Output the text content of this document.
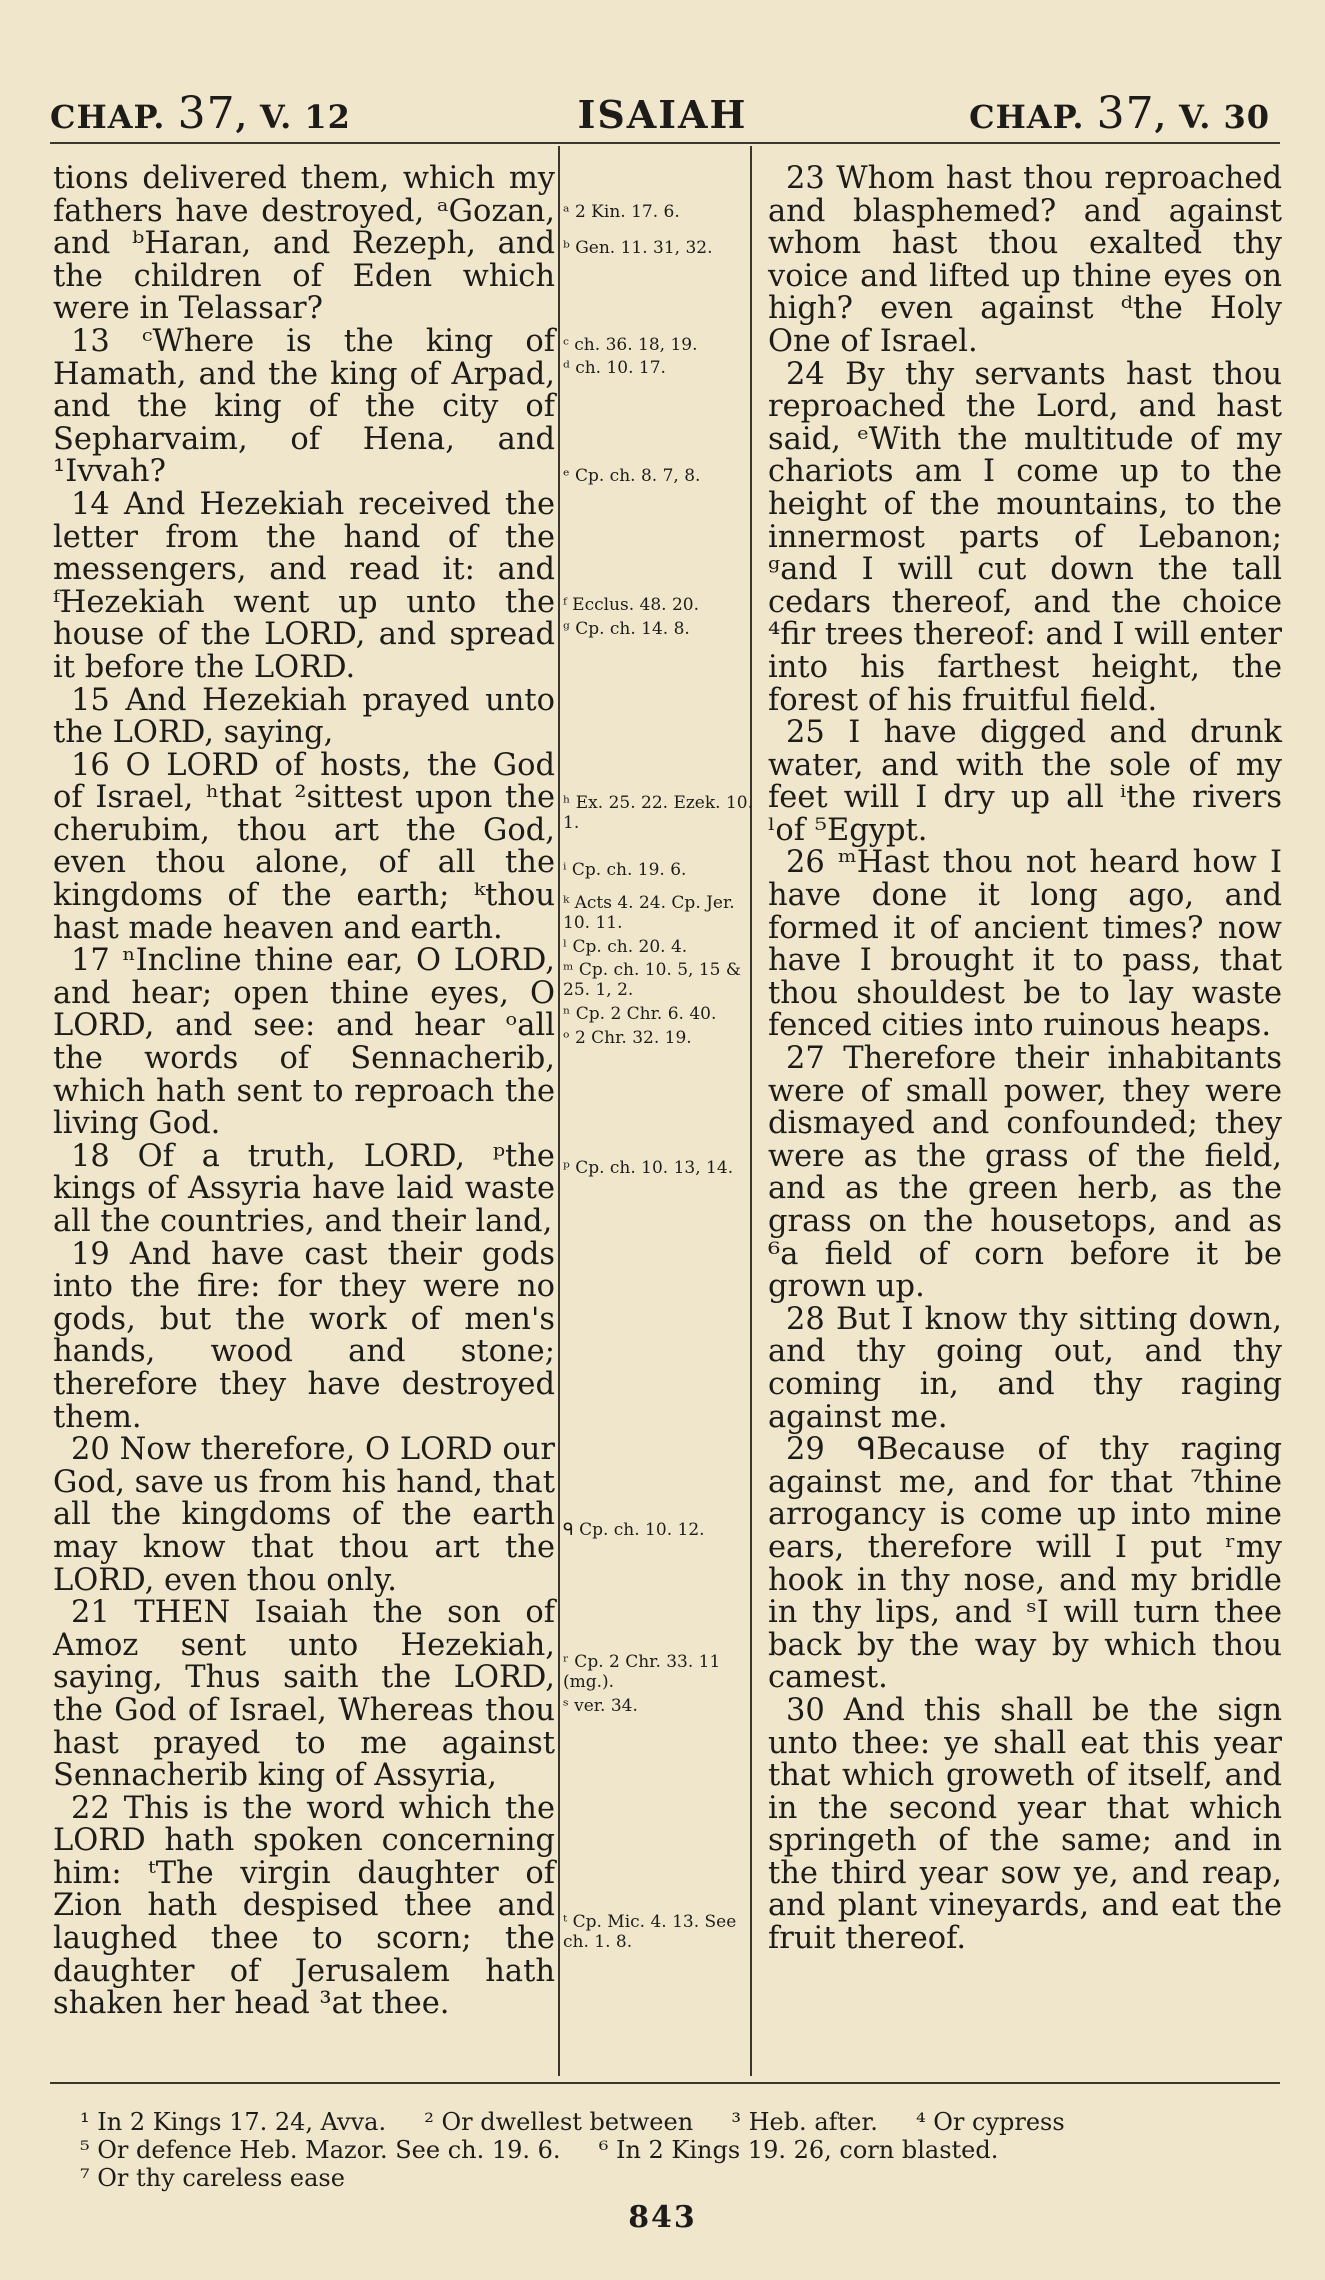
CHAP. 37, V. 12	ISAIAH	CHAP. 37, V. 30

tions delivered them, which my fathers have destroyed, ᵃGozan, and ᵇHaran, and Rezeph, and the children of Eden which were in Telassar?

13 ᶜWhere is the king of Hamath, and the king of Arpad, and the king of the city of Sepharvaim, of Hena, and ¹Ivvah?

14 And Hezekiah received the letter from the hand of the messengers, and read it: and ᶠHezekiah went up unto the house of the LORD, and spread it before the LORD.

15 And Hezekiah prayed unto the LORD, saying,

16 O LORD of hosts, the God of Israel, ʰthat ²sittest upon the cherubim, thou art the God, even thou alone, of all the kingdoms of the earth; ᵏthou hast made heaven and earth.

17 ⁿIncline thine ear, O LORD, and hear; open thine eyes, O LORD, and see: and hear ᵒall the words of Sennacherib, which hath sent to reproach the living God.

18 Of a truth, LORD, ᵖthe kings of Assyria have laid waste all the countries, and their land,

19 And have cast their gods into the fire: for they were no gods, but the work of men's hands, wood and stone; therefore they have destroyed them.

20 Now therefore, O LORD our God, save us from his hand, that all the kingdoms of the earth may know that thou art the LORD, even thou only.

21 THEN Isaiah the son of Amoz sent unto Hezekiah, saying, Thus saith the LORD, the God of Israel, Whereas thou hast prayed to me against Sennacherib king of Assyria,

22 This is the word which the LORD hath spoken concerning him: ᵗThe virgin daughter of Zion hath despised thee and laughed thee to scorn; the daughter of Jerusalem hath shaken her head ³at thee.

ᵃ 2 Kin. 17. 6.
ᵇ Gen. 11. 31, 32.
ᶜ ch. 36. 18, 19.
ᵈ ch. 10. 17.
ᵉ Cp. ch. 8. 7, 8.
ᶠ Ecclus. 48. 20.
ᵍ Cp. ch. 14. 8.
ʰ Ex. 25. 22. Ezek. 10. 1.
ⁱ Cp. ch. 19. 6.
ᵏ Acts 4. 24. Cp. Jer. 10. 11.
ˡ Cp. ch. 20. 4.
ᵐ Cp. ch. 10. 5, 15 & 25. 1, 2.
ⁿ Cp. 2 Chr. 6. 40.
ᵒ 2 Chr. 32. 19.
ᵖ Cp. ch. 10. 13, 14.
ᑫ Cp. ch. 10. 12.
ʳ Cp. 2 Chr. 33. 11 (mg.).
ˢ ver. 34.
ᵗ Cp. Mic. 4. 13. See ch. 1. 8.

23 Whom hast thou reproached and blasphemed? and against whom hast thou exalted thy voice and lifted up thine eyes on high? even against ᵈthe Holy One of Israel.

24 By thy servants hast thou reproached the Lord, and hast said, ᵉWith the multitude of my chariots am I come up to the height of the mountains, to the innermost parts of Lebanon; ᵍand I will cut down the tall cedars thereof, and the choice ⁴fir trees thereof: and I will enter into his farthest height, the forest of his fruitful field.

25 I have digged and drunk water, and with the sole of my feet will I dry up all ⁱthe rivers ˡof ⁵Egypt.

26 ᵐHast thou not heard how I have done it long ago, and formed it of ancient times? now have I brought it to pass, that thou shouldest be to lay waste fenced cities into ruinous heaps.

27 Therefore their inhabitants were of small power, they were dismayed and confounded; they were as the grass of the field, and as the green herb, as the grass on the housetops, and as ⁶a field of corn before it be grown up.

28 But I know thy sitting down, and thy going out, and thy coming in, and thy raging against me.

29 ᑫBecause of thy raging against me, and for that ⁷thine arrogancy is come up into mine ears, therefore will I put ʳmy hook in thy nose, and my bridle in thy lips, and ˢI will turn thee back by the way by which thou camest.

30 And this shall be the sign unto thee: ye shall eat this year that which groweth of itself, and in the second year that which springeth of the same; and in the third year sow ye, and reap, and plant vineyards, and eat the fruit thereof.

¹ In 2 Kings 17. 24, Avva. ² Or dwellest between ³ Heb. after. ⁴ Or cypress
⁵ Or defence Heb. Mazor. See ch. 19. 6. ⁶ In 2 Kings 19. 26, corn blasted.     ⁷ Or thy careless ease
843
